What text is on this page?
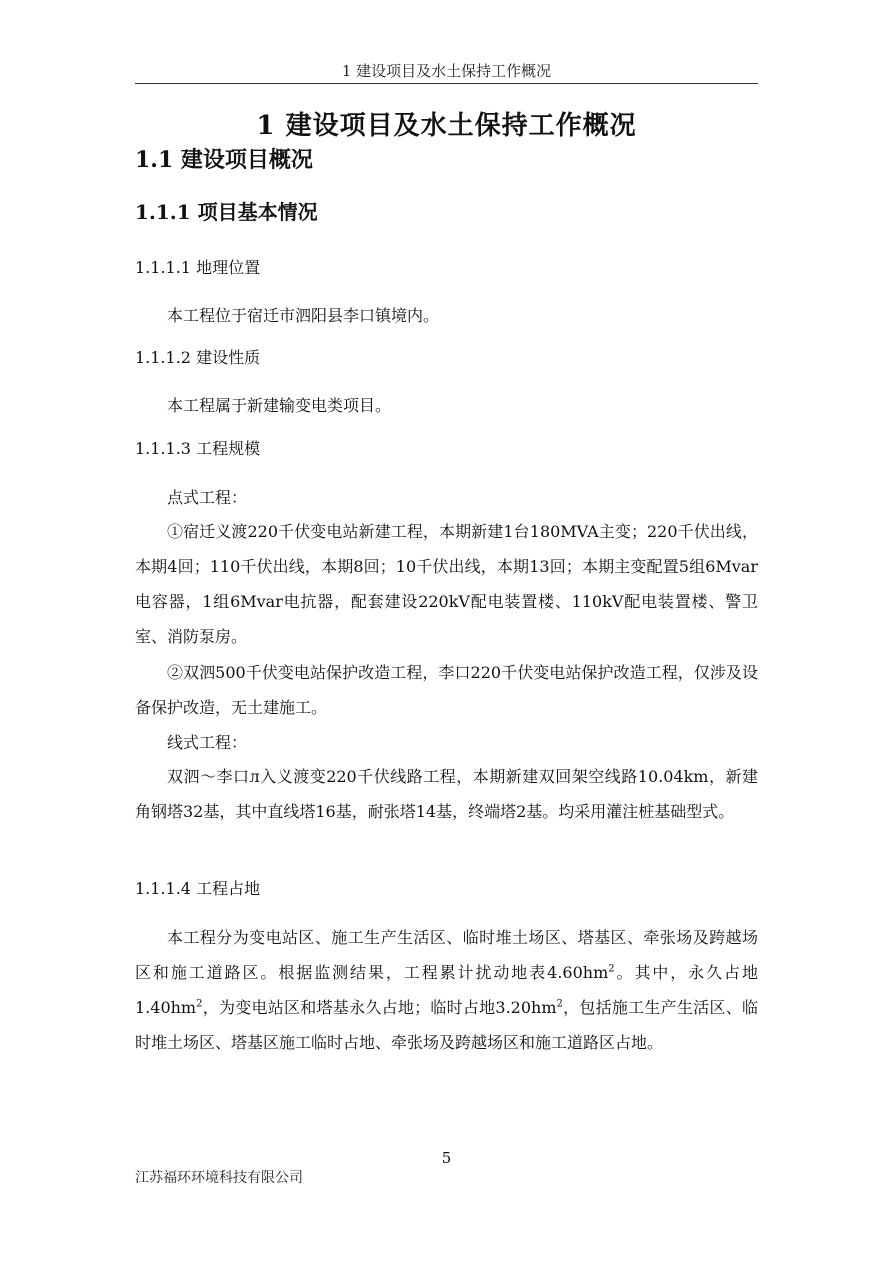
1 建设项目及水土保持工作概况
1 建设项目及水土保持工作概况
1.1 建设项目概况
1.1.1 项目基本情况
1.1.1.1 地理位置

本工程位于宿迁市泗阳县李口镇境内。

1.1.1.2 建设性质

本工程属于新建输变电类项目。

1.1.1.3 工程规模

点式工程：

①宿迁义渡220千伏变电站新建工程，本期新建1台180MVA主变；220千伏出线，本期4回；110千伏出线，本期8回；10千伏出线，本期13回；本期主变配置5组6Mvar电容器，1组6Mvar电抗器，配套建设220kV配电装置楼、110kV配电装置楼、警卫室、消防泵房。

②双泗500千伏变电站保护改造工程，李口220千伏变电站保护改造工程，仅涉及设备保护改造，无土建施工。

线式工程：

双泗～李口л入义渡变220千伏线路工程，本期新建双回架空线路10.04km，新建角钢塔32基，其中直线塔16基，耐张塔14基，终端塔2基。均采用灌注桩基础型式。

1.1.1.4 工程占地

本工程分为变电站区、施工生产生活区、临时堆土场区、塔基区、牵张场及跨越场区和施工道路区。根据监测结果，工程累计扰动地表$4.60hm^2$。其中，永久占地$1.40hm^2$，为变电站区和塔基永久占地；临时占地$3.20hm^2$，包括施工生产生活区、临时堆土场区、塔基区施工临时占地、牵张场及跨越场区和施工道路区占地。

5
江苏福环环境科技有限公司
